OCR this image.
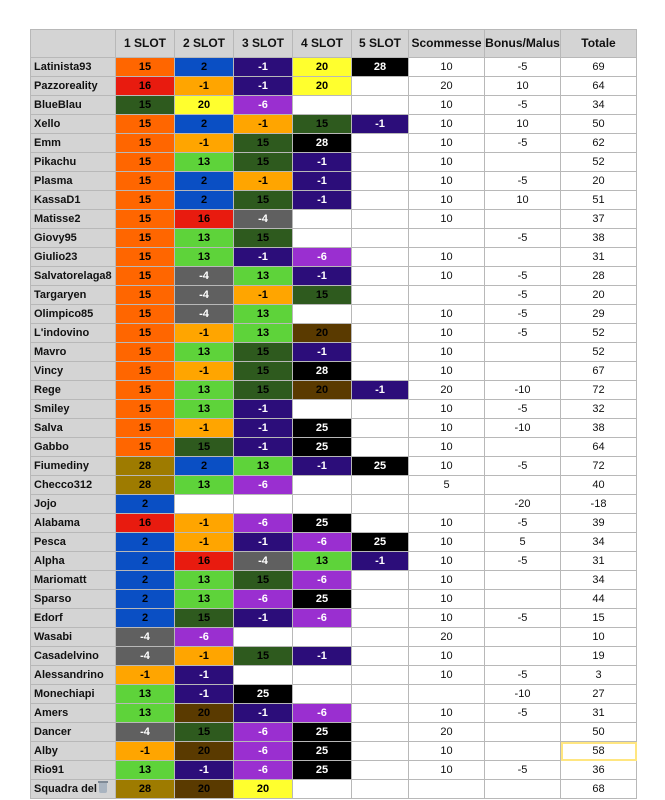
	1 SLOT	2 SLOT	3 SLOT	4 SLOT	5 SLOT	Scommesse	Bonus/Malus	Totale
Latinista93	15	2	-1	20	28	10	-5	69
Pazzoreality	16	-1	-1	20		20	10	64
BlueBlau	15	20	-6			10	-5	34
Xello	15	2	-1	15	-1	10	10	50
Emm	15	-1	15	28		10	-5	62
Pikachu	15	13	15	-1		10		52
Plasma	15	2	-1	-1		10	-5	20
KassaD1	15	2	15	-1		10	10	51
Matisse2	15	16	-4			10		37
Giovy95	15	13	15				-5	38
Giulio23	15	13	-1	-6		10		31
Salvatorelaga8	15	-4	13	-1		10	-5	28
Targaryen	15	-4	-1	15			-5	20
Olimpico85	15	-4	13			10	-5	29
L'indovino	15	-1	13	20		10	-5	52
Mavro	15	13	15	-1		10		52
Vincy	15	-1	15	28		10		67
Rege	15	13	15	20	-1	20	-10	72
Smiley	15	13	-1			10	-5	32
Salva	15	-1	-1	25		10	-10	38
Gabbo	15	15	-1	25		10		64
Fiumediny	28	2	13	-1	25	10	-5	72
Checco312	28	13	-6			5		40
Jojo	2						-20	-18
Alabama	16	-1	-6	25		10	-5	39
Pesca	2	-1	-1	-6	25	10	5	34
Alpha	2	16	-4	13	-1	10	-5	31
Mariomatt	2	13	15	-6		10		34
Sparso	2	13	-6	25		10		44
Edorf	2	15	-1	-6		10	-5	15
Wasabi	-4	-6				20		10
Casadelvino	-4	-1	15	-1		10		19
Alessandrino	-1	-1				10	-5	3
Monechiapi	13	-1	25				-10	27
Amers	13	20	-1	-6		10	-5	31
Dancer	-4	15	-6	25		20		50
Alby	-1	20	-6	25		10		58
Rio91	13	-1	-6	25		10	-5	36
Squadra del	28	20	20					68
